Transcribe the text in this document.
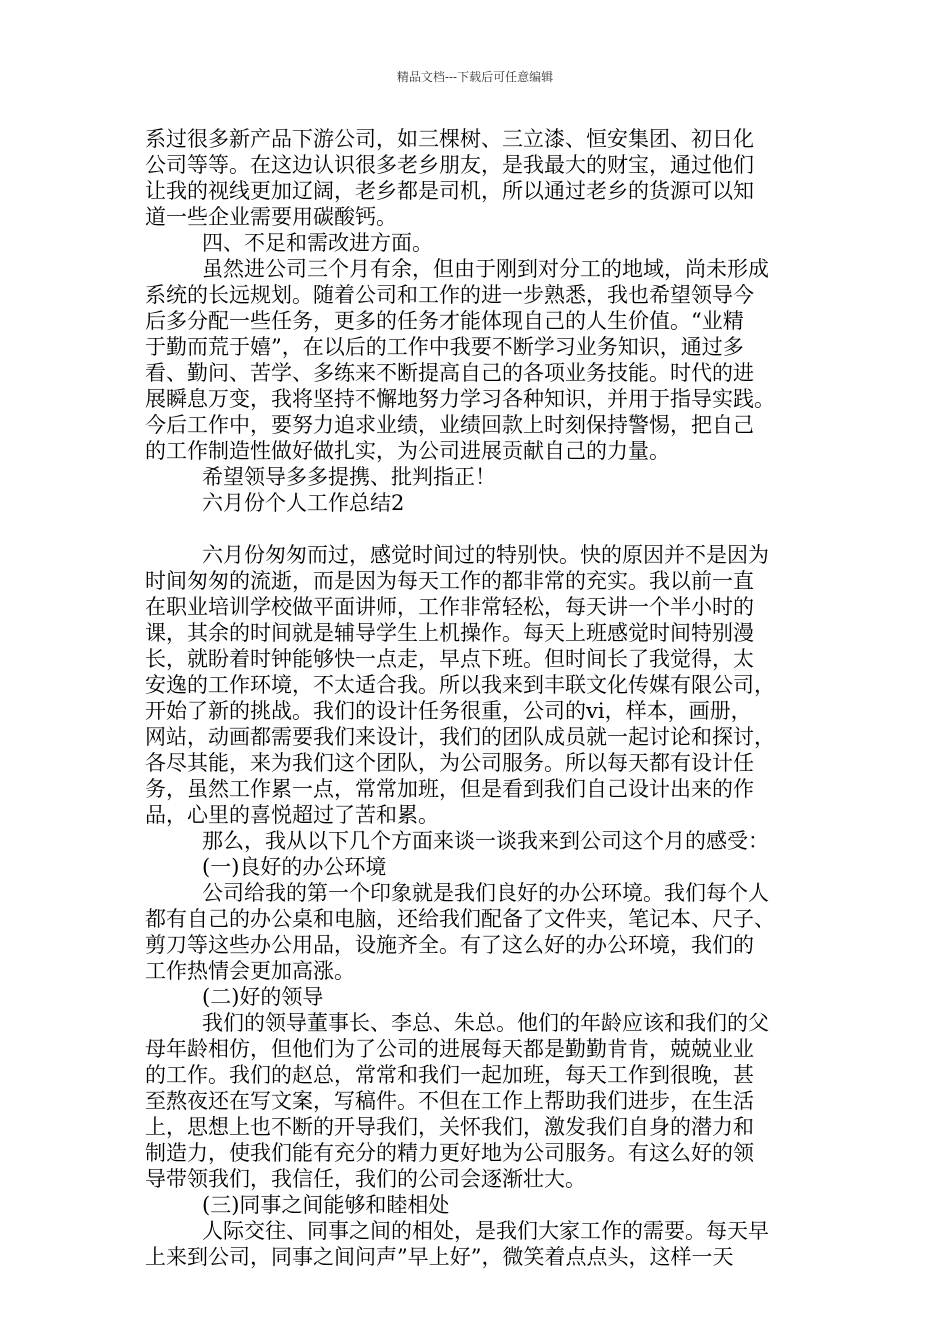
精品文档---下载后可任意编辑
系过很多新产品下游公司，如三棵树、三立漆、恒安集团、初日化
公司等等。在这边认识很多老乡朋友，是我最大的财宝，通过他们
让我的视线更加辽阔，老乡都是司机，所以通过老乡的货源可以知
道一些企业需要用碳酸钙。
四、不足和需改进方面。
虽然进公司三个月有余，但由于刚到对分工的地域，尚未形成
系统的长远规划。随着公司和工作的进一步熟悉，我也希望领导今
后多分配一些任务，更多的任务才能体现自己的人生价值。“业精
于勤而荒于嬉”，在以后的工作中我要不断学习业务知识，通过多
看、勤问、苦学、多练来不断提高自己的各项业务技能。时代的进
展瞬息万变，我将坚持不懈地努力学习各种知识，并用于指导实践。
今后工作中，要努力追求业绩，业绩回款上时刻保持警惕，把自己
的工作制造性做好做扎实，为公司进展贡献自己的力量。
希望领导多多提携、批判指正！
六月份个人工作总结2
六月份匆匆而过，感觉时间过的特别快。快的原因并不是因为
时间匆匆的流逝，而是因为每天工作的都非常的充实。我以前一直
在职业培训学校做平面讲师，工作非常轻松，每天讲一个半小时的
课，其余的时间就是辅导学生上机操作。每天上班感觉时间特别漫
长，就盼着时钟能够快一点走，早点下班。但时间长了我觉得，太
安逸的工作环境，不太适合我。所以我来到丰联文化传媒有限公司，
开始了新的挑战。我们的设计任务很重，公司的vi，样本，画册，
网站，动画都需要我们来设计，我们的团队成员就一起讨论和探讨，
各尽其能，来为我们这个团队，为公司服务。所以每天都有设计任
务，虽然工作累一点，常常加班，但是看到我们自己设计出来的作
品，心里的喜悦超过了苦和累。
那么，我从以下几个方面来谈一谈我来到公司这个月的感受：
(一)良好的办公环境
公司给我的第一个印象就是我们良好的办公环境。我们每个人
都有自己的办公桌和电脑，还给我们配备了文件夹，笔记本、尺子、
剪刀等这些办公用品，设施齐全。有了这么好的办公环境，我们的
工作热情会更加高涨。
(二)好的领导
我们的领导董事长、李总、朱总。他们的年龄应该和我们的父
母年龄相仿，但他们为了公司的进展每天都是勤勤肯肯，兢兢业业
的工作。我们的赵总，常常和我们一起加班，每天工作到很晚，甚
至熬夜还在写文案，写稿件。不但在工作上帮助我们进步，在生活
上，思想上也不断的开导我们，关怀我们，激发我们自身的潜力和
制造力，使我们能有充分的精力更好地为公司服务。有这么好的领
导带领我们，我信任，我们的公司会逐渐壮大。
(三)同事之间能够和睦相处
人际交往、同事之间的相处，是我们大家工作的需要。每天早
上来到公司，同事之间问声”早上好”，微笑着点点头，这样一天
